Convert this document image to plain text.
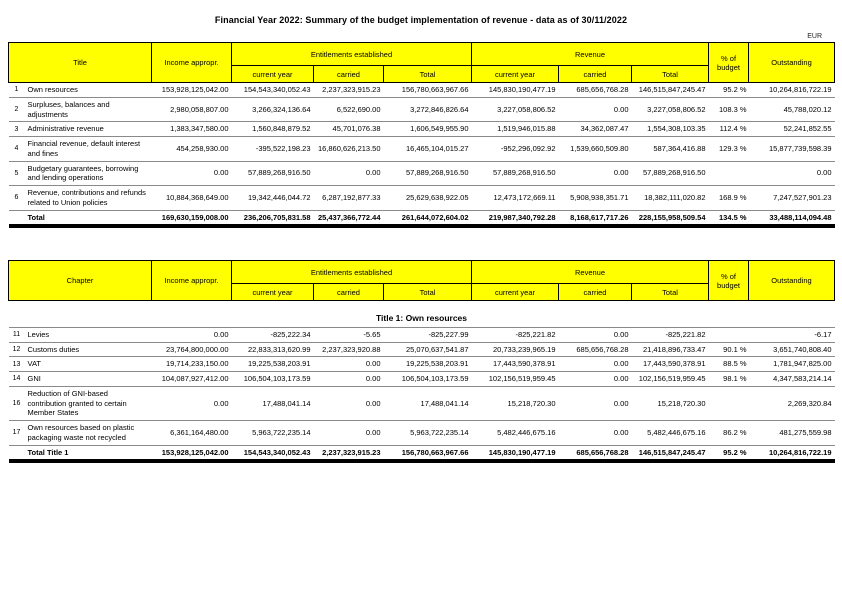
Financial Year 2022: Summary of the budget implementation of revenue - data as of 30/11/2022
EUR
Title		Income appropr.	Entitlements established			Revenue			% of budget	Outstanding
			current year	carried	Total	current year	carried	Total		
1	Own resources	153,928,125,042.00	154,543,340,052.43	2,237,323,915.23	156,780,663,967.66	145,830,190,477.19	685,656,768.28	146,515,847,245.47	95.2 %	10,264,816,722.19
2	Surpluses, balances and adjustments	2,980,058,807.00	3,266,324,136.64	6,522,690.00	3,272,846,826.64	3,227,058,806.52	0.00	3,227,058,806.52	108.3 %	45,788,020.12
3	Administrative revenue	1,383,347,580.00	1,560,848,879.52	45,701,076.38	1,606,549,955.90	1,519,946,015.88	34,362,087.47	1,554,308,103.35	112.4 %	52,241,852.55
4	Financial revenue, default interest and fines	454,258,930.00	-395,522,198.23	16,860,626,213.50	16,465,104,015.27	-952,296,092.92	1,539,660,509.80	587,364,416.88	129.3 %	15,877,739,598.39
5	Budgetary guarantees, borrowing and lending operations	0.00	57,889,268,916.50	0.00	57,889,268,916.50	57,889,268,916.50	0.00	57,889,268,916.50		0.00
6	Revenue, contributions and refunds related to Union policies	10,884,368,649.00	19,342,446,044.72	6,287,192,877.33	25,629,638,922.05	12,473,172,669.11	5,908,938,351.71	18,382,111,020.82	168.9 %	7,247,527,901.23
	Total	169,630,159,008.00	236,206,705,831.58	25,437,366,772.44	261,644,072,604.02	219,987,340,792.28	8,168,617,717.26	228,155,958,509.54	134.5 %	33,488,114,094.48
Chapter		Income appropr.	Entitlements established			Revenue			% of budget	Outstanding
			current year	carried	Total	current year	carried	Total		

Title 1: Own resources										
11	Levies	0.00	-825,222.34	-5.65	-825,227.99	-825,221.82	0.00	-825,221.82		-6.17
12	Customs duties	23,764,800,000.00	22,833,313,620.99	2,237,323,920.88	25,070,637,541.87	20,733,239,965.19	685,656,768.28	21,418,896,733.47	90.1 %	3,651,740,808.40
13	VAT	19,714,233,150.00	19,225,538,203.91	0.00	19,225,538,203.91	17,443,590,378.91	0.00	17,443,590,378.91	88.5 %	1,781,947,825.00
14	GNI	104,087,927,412.00	106,504,103,173.59	0.00	106,504,103,173.59	102,156,519,959.45	0.00	102,156,519,959.45	98.1 %	4,347,583,214.14
16	Reduction of GNI-based contribution granted to certain Member States	0.00	17,488,041.14	0.00	17,488,041.14	15,218,720.30	0.00	15,218,720.30		2,269,320.84
17	Own resources based on plastic packaging waste not recycled	6,361,164,480.00	5,963,722,235.14	0.00	5,963,722,235.14	5,482,446,675.16	0.00	5,482,446,675.16	86.2 %	481,275,559.98
	Total Title 1	153,928,125,042.00	154,543,340,052.43	2,237,323,915.23	156,780,663,967.66	145,830,190,477.19	685,656,768.28	146,515,847,245.47	95.2 %	10,264,816,722.19
